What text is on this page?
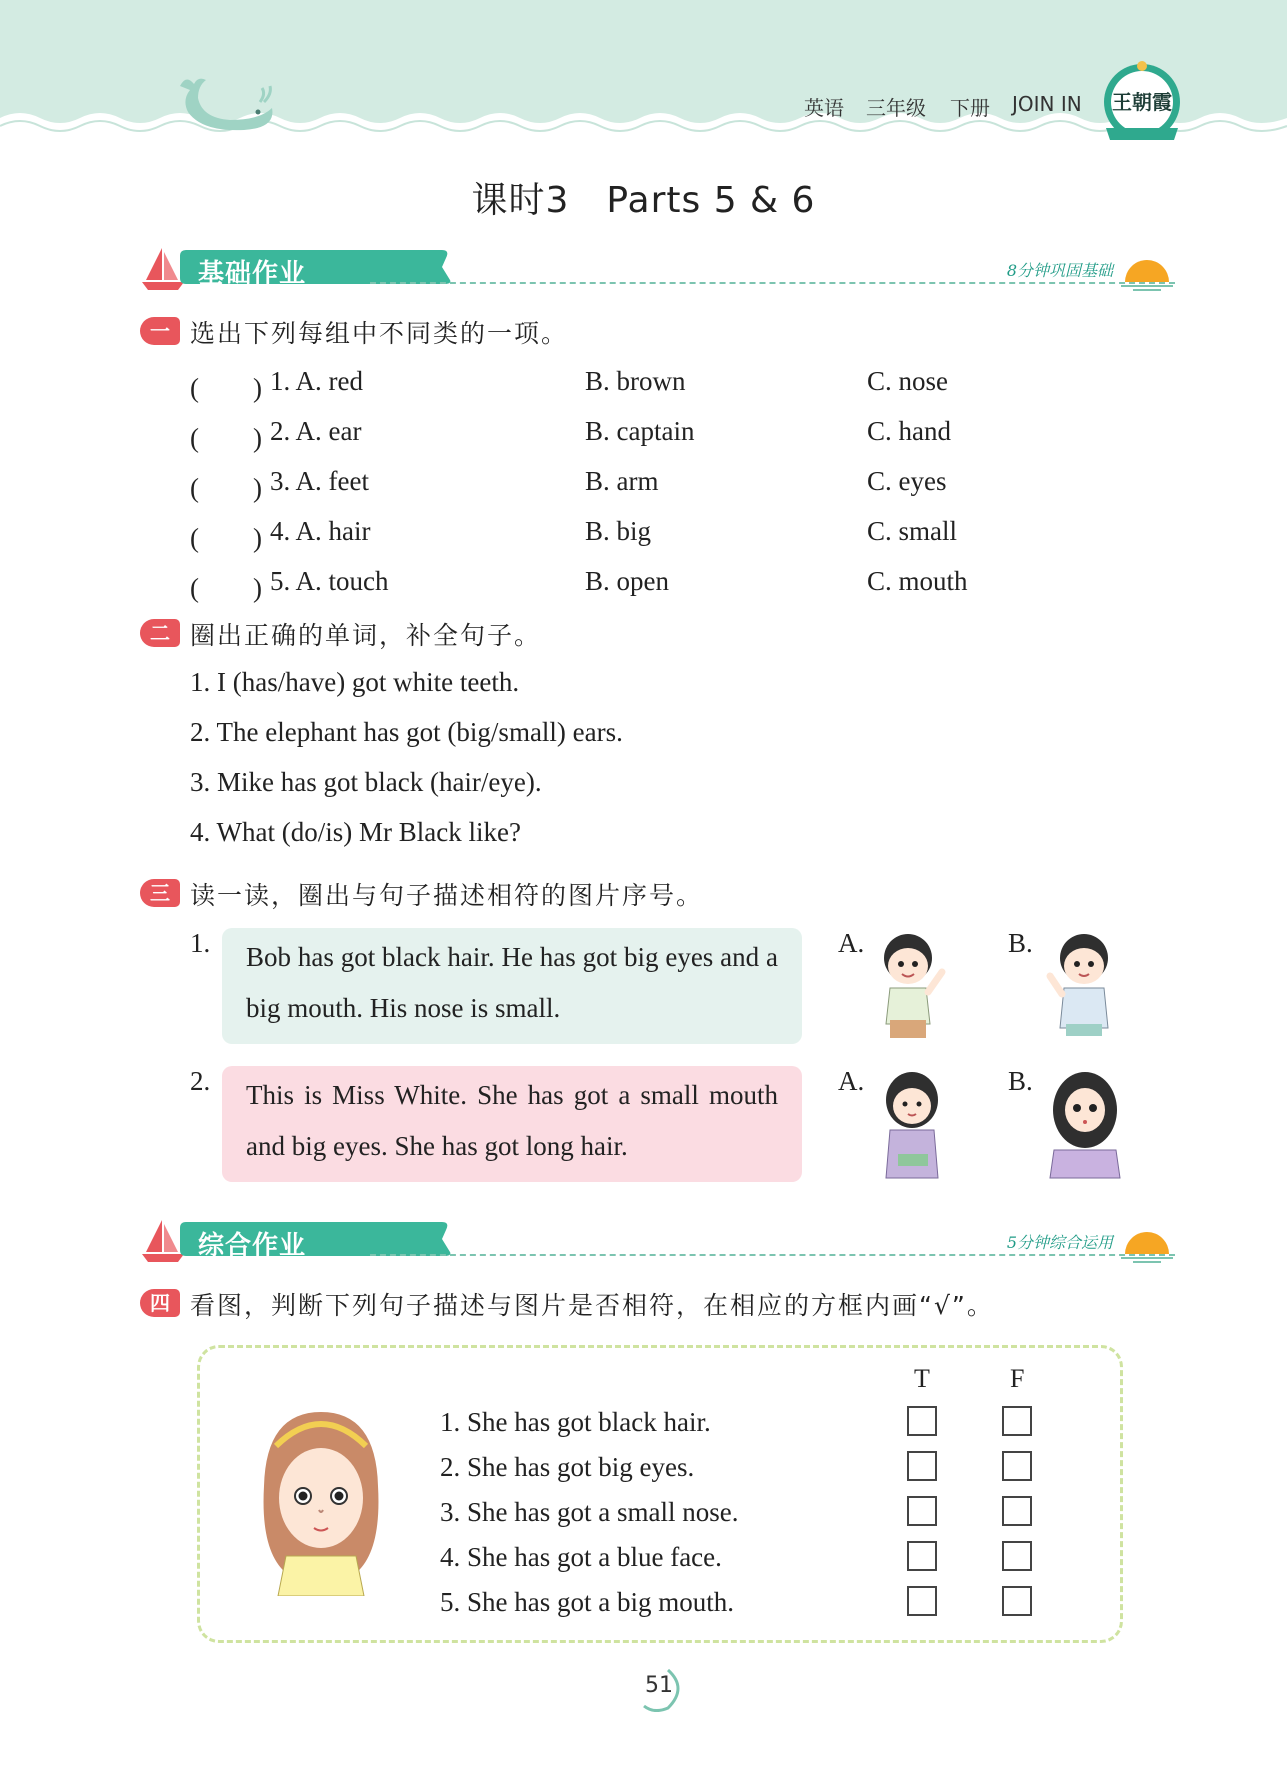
英语 三年级 下册 JOIN IN 王朝霞
课时3　Parts 5 & 6
基础作业	8分钟巩固基础
一 选出下列每组中不同类的一项。
(　　) 1. A. red	B. brown	C. nose
(　　) 2. A. ear	B. captain	C. hand
(　　) 3. A. feet	B. arm	C. eyes
(　　) 4. A. hair	B. big	C. small
(　　) 5. A. touch	B. open	C. mouth
二 圈出正确的单词，补全句子。
1. I (has/have) got white teeth.
2. The elephant has got (big/small) ears.
3. Mike has got black (hair/eye).
4. What (do/is) Mr Black like?
三 读一读，圈出与句子描述相符的图片序号。
1.	Bob has got black hair. He has got big eyes and a big mouth. His nose is small.
A.	B.
2.	This is Miss White. She has got a small mouth and big eyes. She has got long hair.
A.	B.
综合作业	5分钟综合运用
四 看图，判断下列句子描述与图片是否相符，在相应的方框内画“√”。
T	F
1. She has got black hair.
2. She has got big eyes.
3. She has got a small nose.
4. She has got a blue face.
5. She has got a big mouth.
51
